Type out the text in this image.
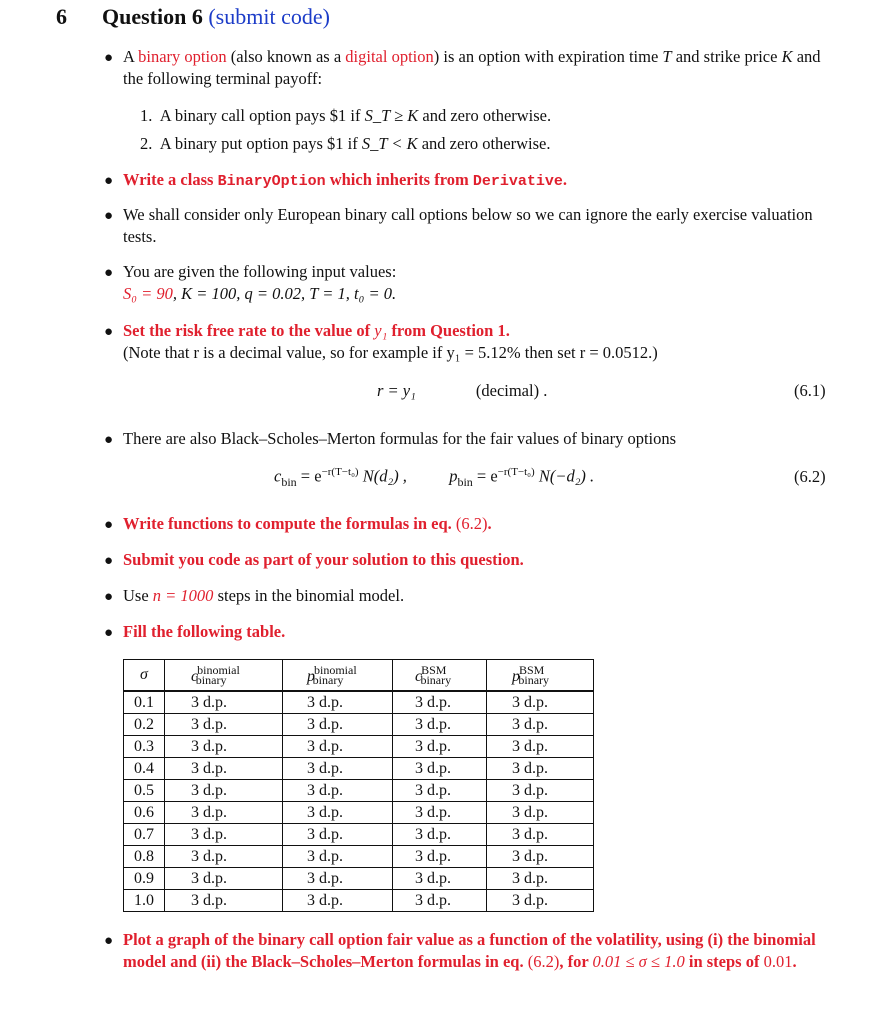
6 Question 6 (submit code)
● A binary option (also known as a digital option) is an option with expiration time T and strike price K and the following terminal payoff:
1. A binary call option pays $1 if S_T ≥ K and zero otherwise.
2. A binary put option pays $1 if S_T < K and zero otherwise.
● Write a class BinaryOption which inherits from Derivative.
● We shall consider only European binary call options below so we can ignore the early exercise valuation tests.
● You are given the following input values:
S₀ = 90, K = 100, q = 0.02, T = 1, t₀ = 0.
● Set the risk free rate to the value of y₁ from Question 1.
(Note that r is a decimal value, so for example if y₁ = 5.12% then set r = 0.0512.)
r = y₁	(decimal) .	(6.1)
● There are also Black–Scholes–Merton formulas for the fair values of binary options
$c_{bin} = e^{-r(T-t_0)}$ N(d₂) ,	$p_{bin} = e^{-r(T-t_0)}$ N(−d₂) .	(6.2)
● Write functions to compute the formulas in eq. (6.2).
● Submit you code as part of your solution to this question.
● Use n = 1000 steps in the binomial model.
● Fill the following table.
σ	$c^{binomial}_{binary}$	$p^{binomial}_{binary}$	$c^{BSM}_{binary}$	$p^{BSM}_{binary}$
0.1	3 d.p.	3 d.p.	3 d.p.	3 d.p.
0.2	3 d.p.	3 d.p.	3 d.p.	3 d.p.
0.3	3 d.p.	3 d.p.	3 d.p.	3 d.p.
0.4	3 d.p.	3 d.p.	3 d.p.	3 d.p.
0.5	3 d.p.	3 d.p.	3 d.p.	3 d.p.
0.6	3 d.p.	3 d.p.	3 d.p.	3 d.p.
0.7	3 d.p.	3 d.p.	3 d.p.	3 d.p.
0.8	3 d.p.	3 d.p.	3 d.p.	3 d.p.
0.9	3 d.p.	3 d.p.	3 d.p.	3 d.p.
1.0	3 d.p.	3 d.p.	3 d.p.	3 d.p.
● Plot a graph of the binary call option fair value as a function of the volatility, using (i) the binomial model and (ii) the Black–Scholes–Merton formulas in eq. (6.2), for 0.01 ≤ σ ≤ 1.0 in steps of 0.01.
